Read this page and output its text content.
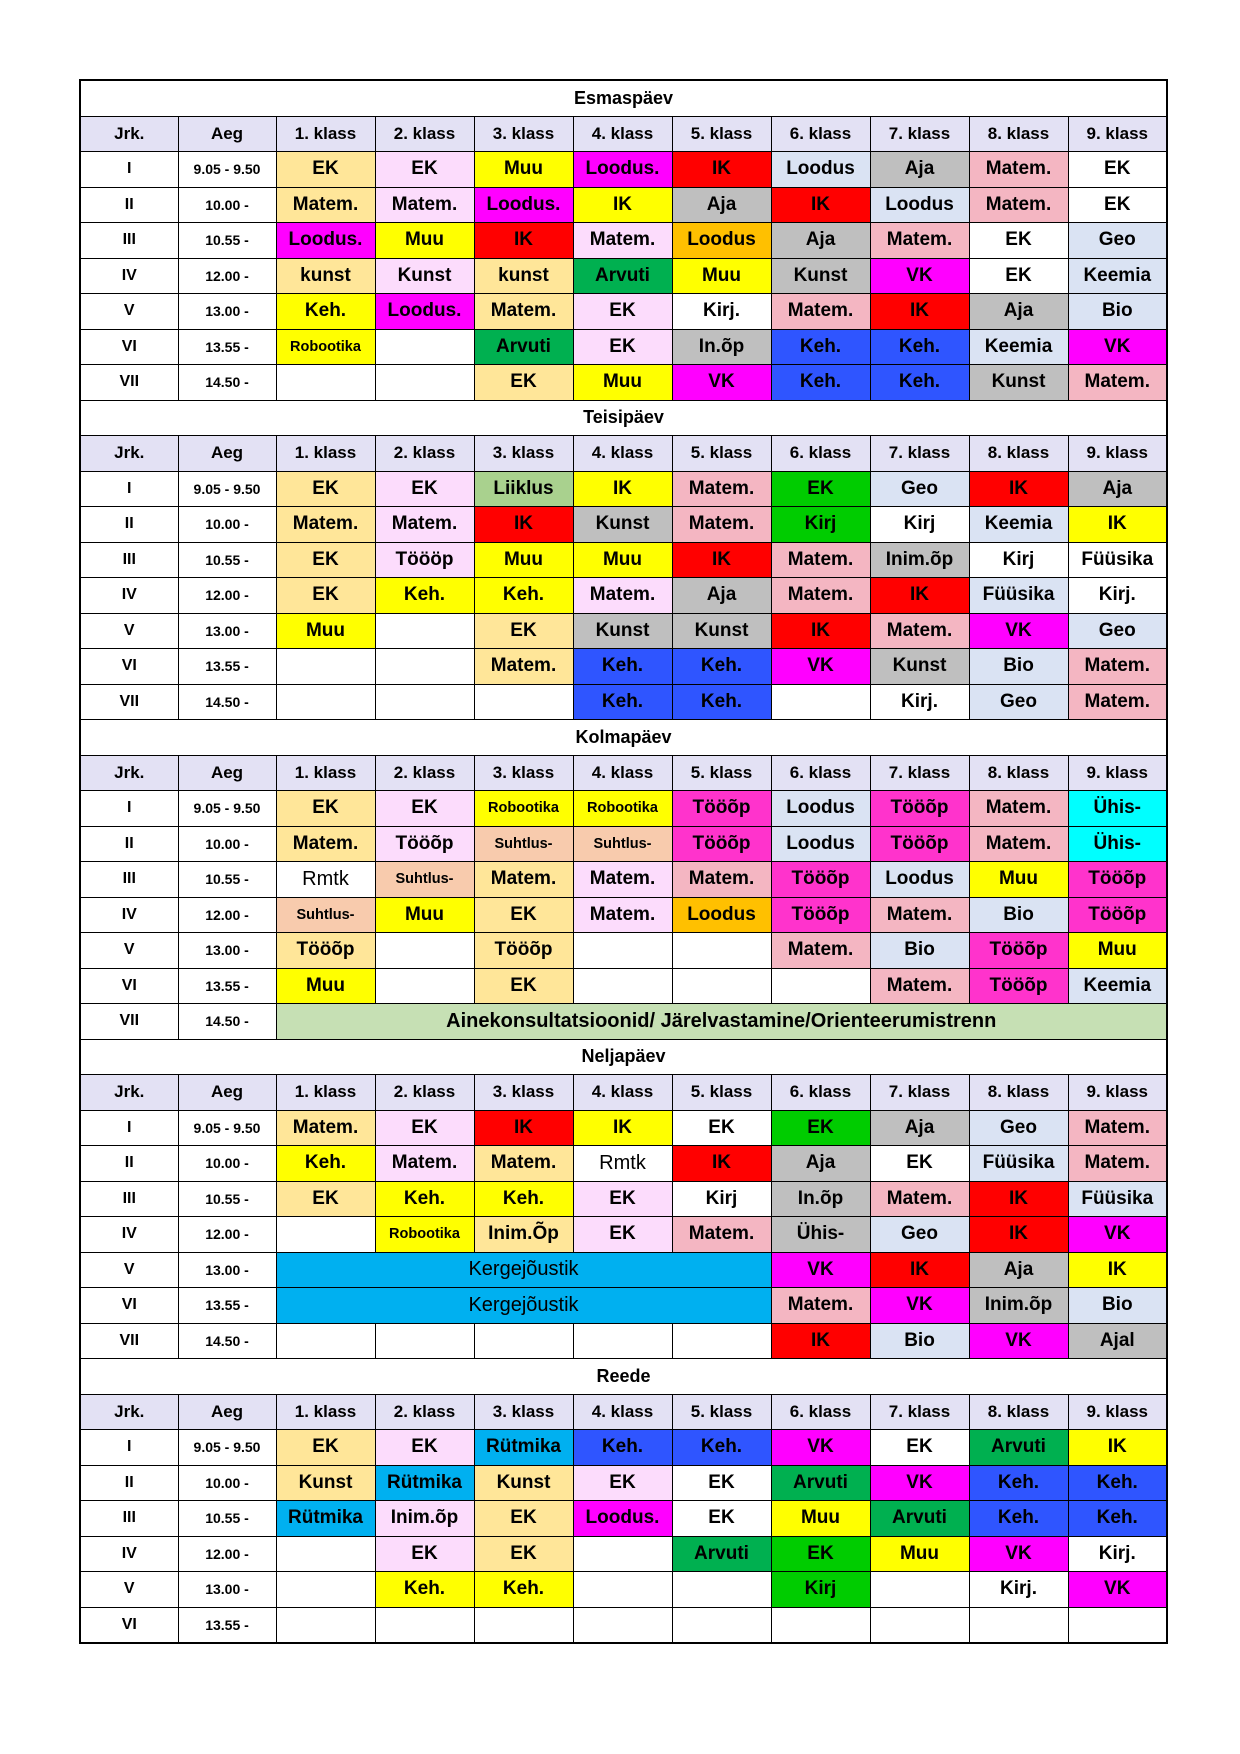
Esmaspäev										
Jrk.	Aeg	1. klass	2. klass	3. klass	4. klass	5. klass	6. klass	7. klass	8. klass	9. klass
I	9.05 - 9.50	EK	EK	Muu	Loodus.	IK	Loodus	Aja	Matem.	EK
II	10.00 -	Matem.	Matem.	Loodus.	IK	Aja	IK	Loodus	Matem.	EK
III	10.55 -	Loodus.	Muu	IK	Matem.	Loodus	Aja	Matem.	EK	Geo
IV	12.00 -	kunst	Kunst	kunst	Arvuti	Muu	Kunst	VK	EK	Keemia
V	13.00 -	Keh.	Loodus.	Matem.	EK	Kirj.	Matem.	IK	Aja	Bio
VI	13.55 -	Robootika		Arvuti	EK	In.õp	Keh.	Keh.	Keemia	VK
VII	14.50 -			EK	Muu	VK	Keh.	Keh.	Kunst	Matem.
Teisipäev										
Jrk.	Aeg	1. klass	2. klass	3. klass	4. klass	5. klass	6. klass	7. klass	8. klass	9. klass
I	9.05 - 9.50	EK	EK	Liiklus	IK	Matem.	EK	Geo	IK	Aja
II	10.00 -	Matem.	Matem.	IK	Kunst	Matem.	Kirj	Kirj	Keemia	IK
III	10.55 -	EK	Töööp	Muu	Muu	IK	Matem.	Inim.õp	Kirj	Füüsika
IV	12.00 -	EK	Keh.	Keh.	Matem.	Aja	Matem.	IK	Füüsika	Kirj.
V	13.00 -	Muu		EK	Kunst	Kunst	IK	Matem.	VK	Geo
VI	13.55 -			Matem.	Keh.	Keh.	VK	Kunst	Bio	Matem.
VII	14.50 -				Keh.	Keh.		Kirj.	Geo	Matem.
Kolmapäev										
Jrk.	Aeg	1. klass	2. klass	3. klass	4. klass	5. klass	6. klass	7. klass	8. klass	9. klass
I	9.05 - 9.50	EK	EK	Robootika	Robootika	Tööõp	Loodus	Tööõp	Matem.	Ühis-
II	10.00 -	Matem.	Tööõp	Suhtlus-	Suhtlus-	Tööõp	Loodus	Tööõp	Matem.	Ühis-
III	10.55 -	Rmtk	Suhtlus-	Matem.	Matem.	Matem.	Tööõp	Loodus	Muu	Tööõp
IV	12.00 -	Suhtlus-	Muu	EK	Matem.	Loodus	Tööõp	Matem.	Bio	Tööõp
V	13.00 -	Tööõp		Tööõp			Matem.	Bio	Tööõp	Muu
VI	13.55 -	Muu		EK				Matem.	Tööõp	Keemia
VII	14.50 -	Ainekonsultatsioonid/ Järelvastamine/Orienteerumistrenn								
Neljapäev										
Jrk.	Aeg	1. klass	2. klass	3. klass	4. klass	5. klass	6. klass	7. klass	8. klass	9. klass
I	9.05 - 9.50	Matem.	EK	IK	IK	EK	EK	Aja	Geo	Matem.
II	10.00 -	Keh.	Matem.	Matem.	Rmtk	IK	Aja	EK	Füüsika	Matem.
III	10.55 -	EK	Keh.	Keh.	EK	Kirj	In.õp	Matem.	IK	Füüsika
IV	12.00 -		Robootika	Inim.Õp	EK	Matem.	Ühis-	Geo	IK	VK
V	13.00 -	Kergejõustik					VK	IK	Aja	IK
VI	13.55 -	Kergejõustik					Matem.	VK	Inim.õp	Bio
VII	14.50 -						IK	Bio	VK	Ajal
Reede										
Jrk.	Aeg	1. klass	2. klass	3. klass	4. klass	5. klass	6. klass	7. klass	8. klass	9. klass
I	9.05 - 9.50	EK	EK	Rütmika	Keh.	Keh.	VK	EK	Arvuti	IK
II	10.00 -	Kunst	Rütmika	Kunst	EK	EK	Arvuti	VK	Keh.	Keh.
III	10.55 -	Rütmika	Inim.õp	EK	Loodus.	EK	Muu	Arvuti	Keh.	Keh.
IV	12.00 -		EK	EK		Arvuti	EK	Muu	VK	Kirj.
V	13.00 -		Keh.	Keh.			Kirj		Kirj.	VK
VI	13.55 -									
